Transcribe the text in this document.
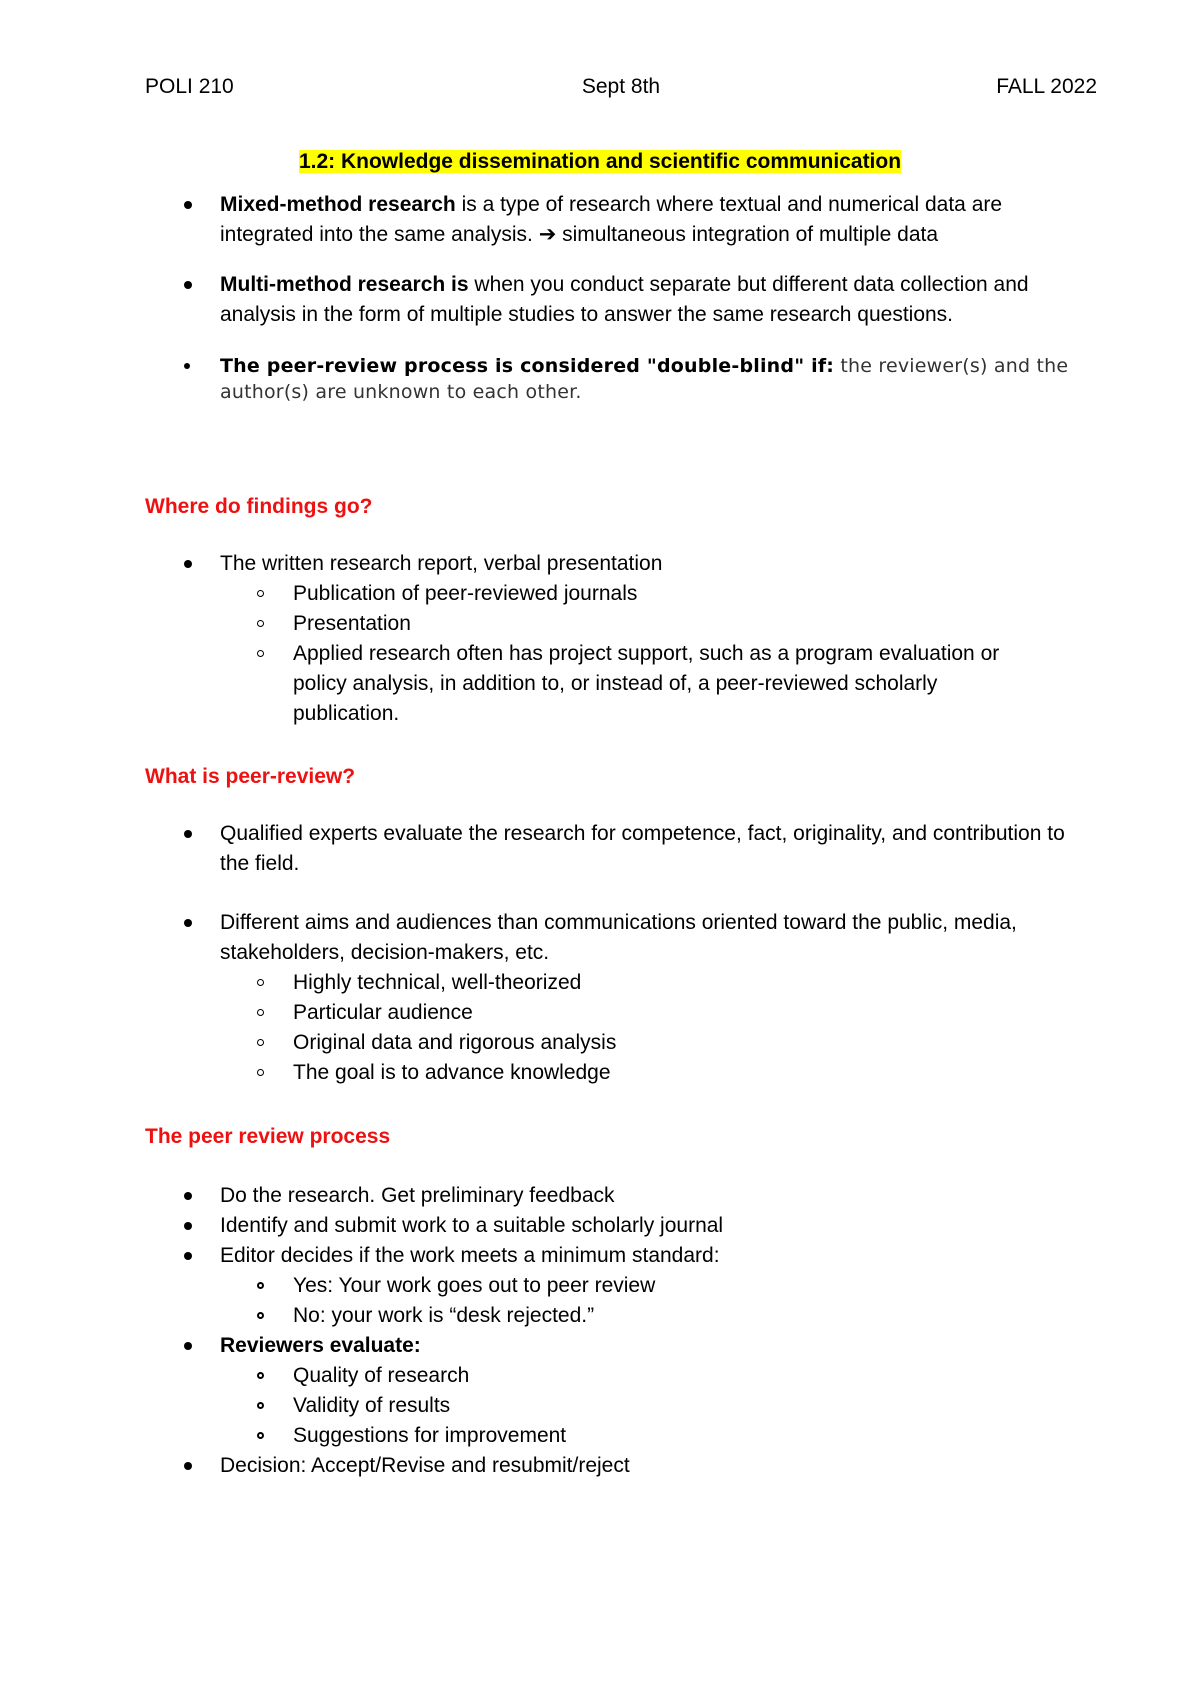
POLI 210	Sept 8th	FALL 2022
1.2: Knowledge dissemination and scientific communication
Mixed-method research is a type of research where textual and numerical data are integrated into the same analysis. ➔ simultaneous integration of multiple data
Multi-method research is when you conduct separate but different data collection and analysis in the form of multiple studies to answer the same research questions.
The peer-review process is considered "double-blind" if: the reviewer(s) and the author(s) are unknown to each other.
Where do findings go?
The written research report, verbal presentation
Publication of peer-reviewed journals
Presentation
Applied research often has project support, such as a program evaluation or policy analysis, in addition to, or instead of, a peer-reviewed scholarly publication.
What is peer-review?
Qualified experts evaluate the research for competence, fact, originality, and contribution to the field.
Different aims and audiences than communications oriented toward the public, media, stakeholders, decision-makers, etc.
Highly technical, well-theorized
Particular audience
Original data and rigorous analysis
The goal is to advance knowledge
The peer review process
Do the research. Get preliminary feedback
Identify and submit work to a suitable scholarly journal
Editor decides if the work meets a minimum standard:
Yes: Your work goes out to peer review
No: your work is “desk rejected.”
Reviewers evaluate:
Quality of research
Validity of results
Suggestions for improvement
Decision: Accept/Revise and resubmit/reject
